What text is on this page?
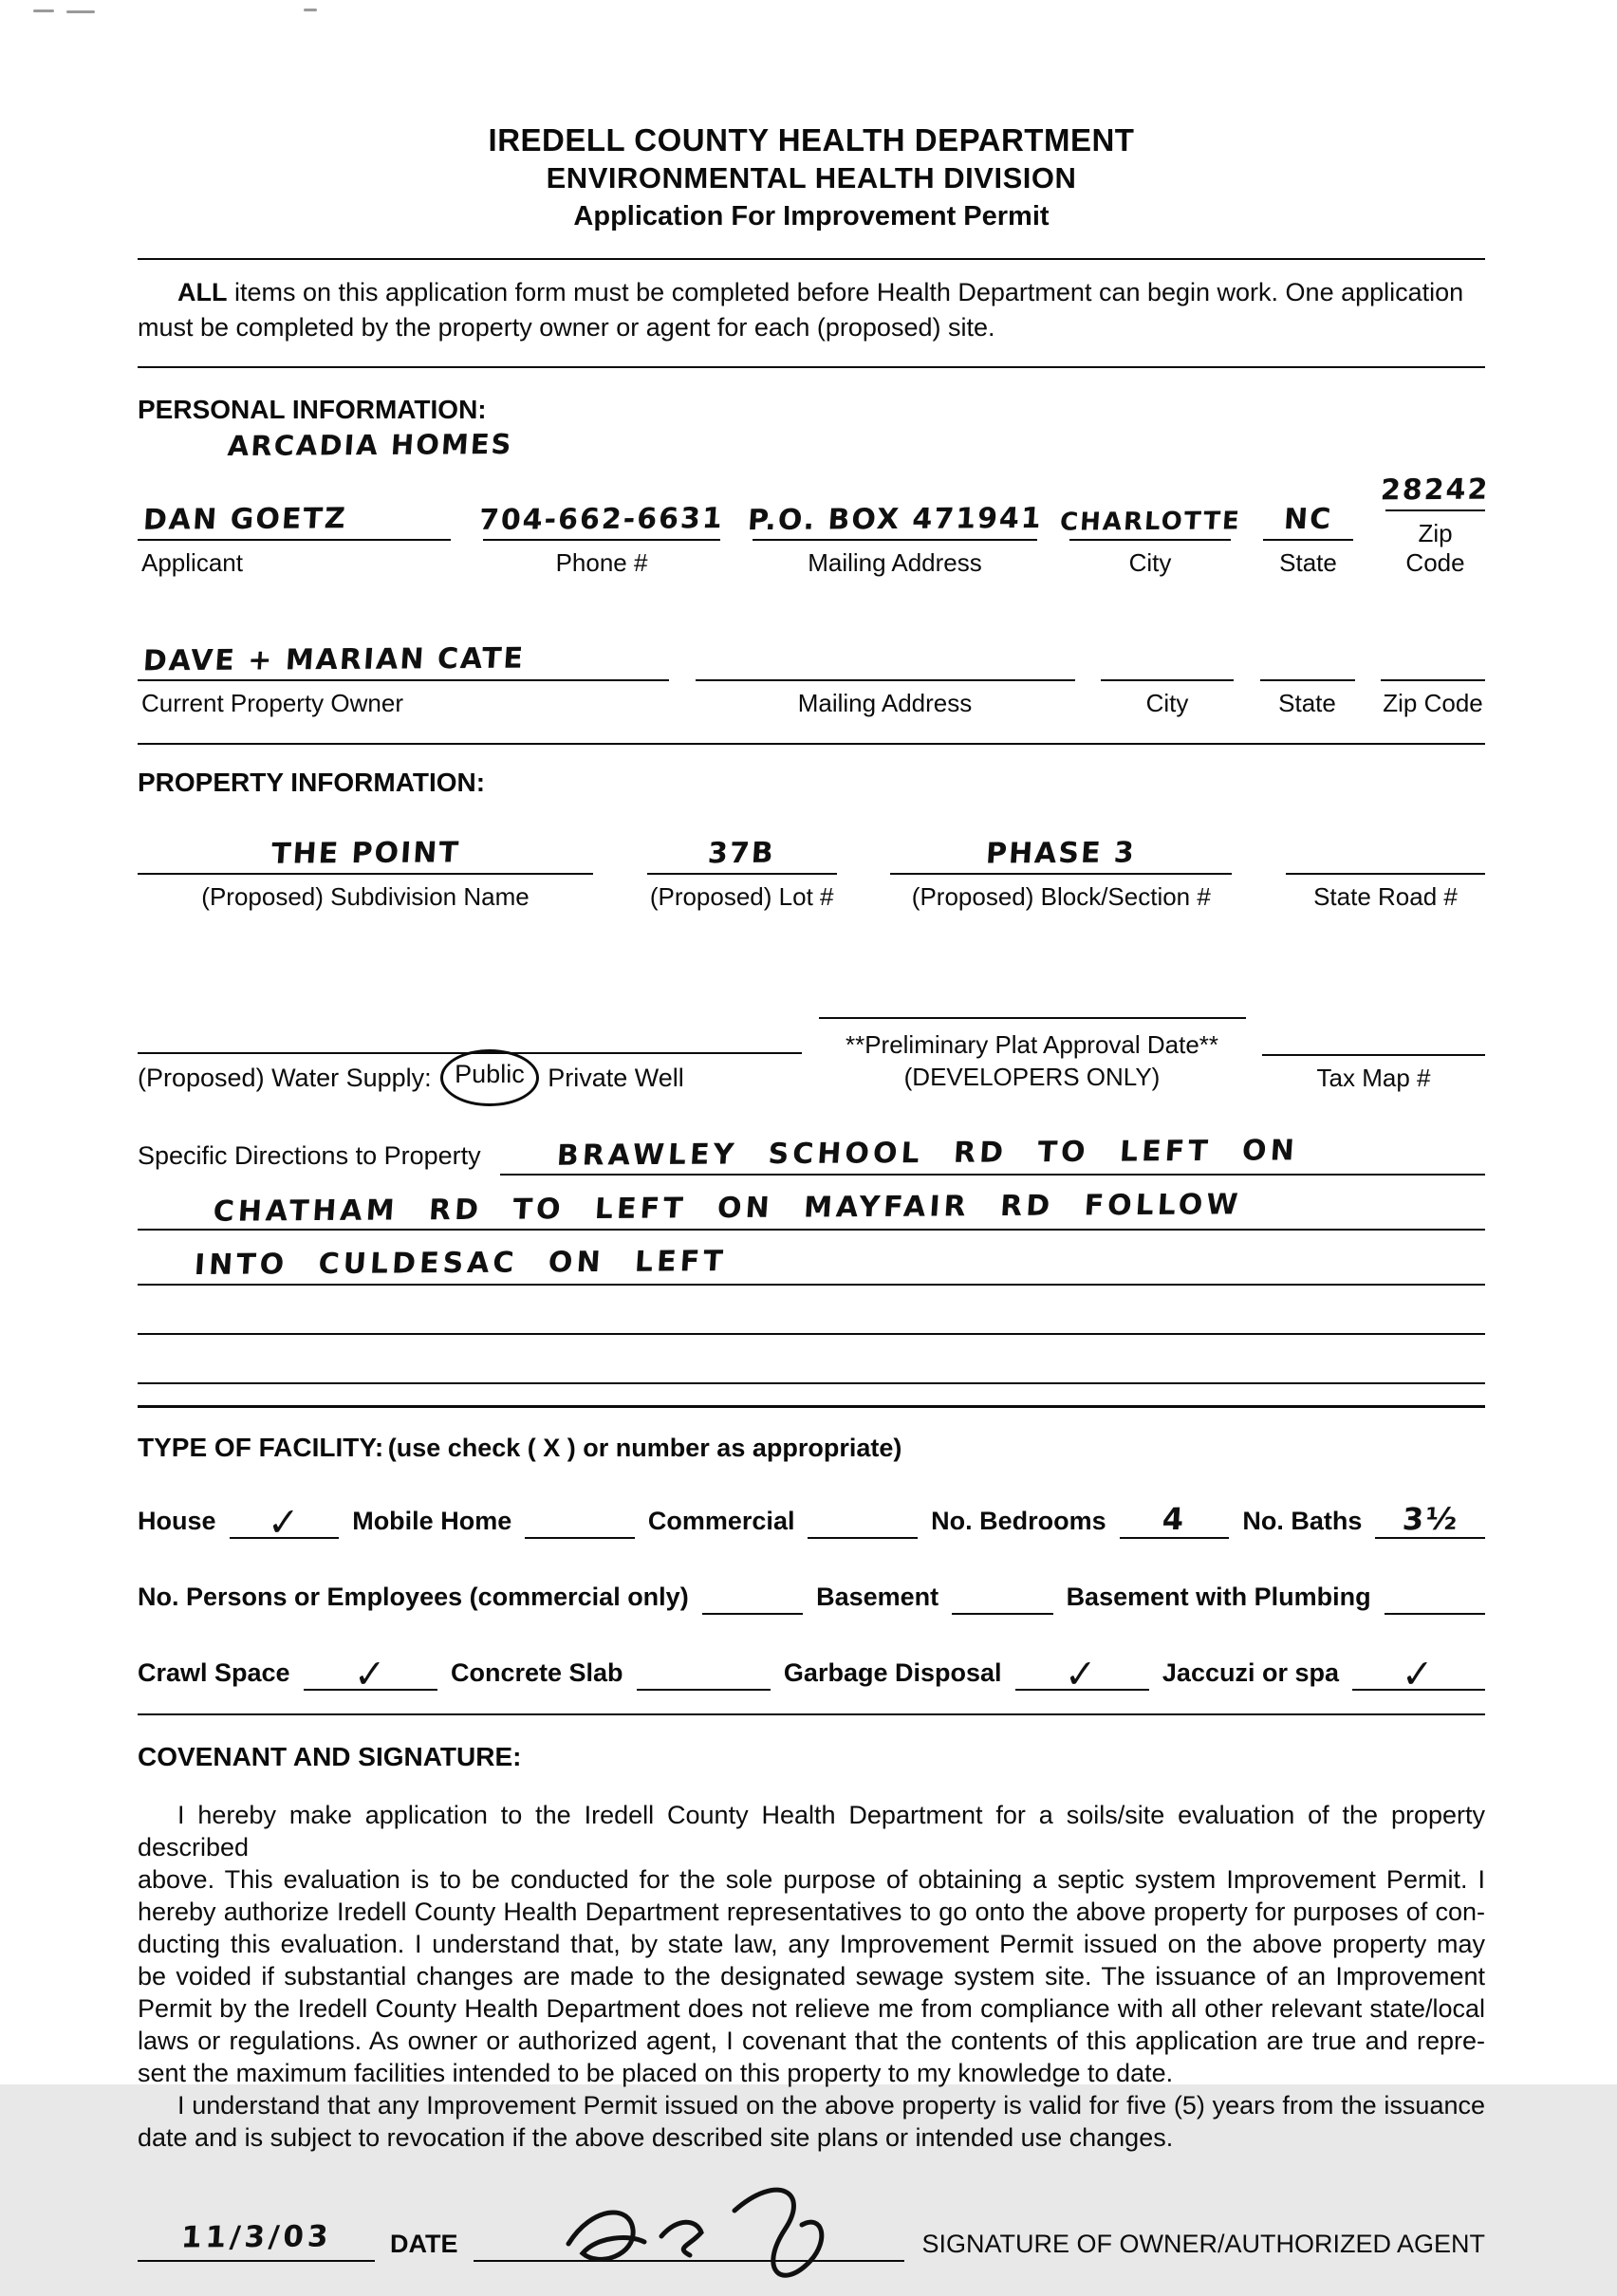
IREDELL COUNTY HEALTH DEPARTMENT
ENVIRONMENTAL HEALTH DIVISION
Application For Improvement Permit
ALL items on this application form must be completed before Health Department can begin work. One application must be completed by the property owner or agent for each (proposed) site.
PERSONAL INFORMATION:
ARCADIA HOMES
DAN GOETZ
Applicant
704-662-6631
Phone #
P.O. BOX 471941
Mailing Address
CHARLOTTE
City
NC
State
28242
Zip Code
DAVE + MARIAN CATE
Current Property Owner	Mailing Address	City	State	Zip Code
PROPERTY INFORMATION:
THE POINT
(Proposed) Subdivision Name
37B
(Proposed) Lot #
PHASE 3
(Proposed) Block/Section #	State Road #
(Proposed) Water Supply: Public Private Well
**Preliminary Plat Approval Date**
(DEVELOPERS ONLY)	Tax Map #
Specific Directions to Property	BRAWLEY SCHOOL RD TO LEFT ON
CHATHAM RD TO LEFT ON MAYFAIR RD FOLLOW
INTO CULDESAC ON LEFT
TYPE OF FACILITY: (use check ( X ) or number as appropriate)
House ✓ Mobile Home	Commercial	No. Bedrooms 4 No. Baths 3½
No. Persons or Employees (commercial only)	Basement	Basement with Plumbing
Crawl Space ✓ Concrete Slab	Garbage Disposal ✓ Jaccuzi or spa ✓
COVENANT AND SIGNATURE:
I hereby make application to the Iredell County Health Department for a soils/site evaluation of the property described
above. This evaluation is to be conducted for the sole purpose of obtaining a septic system Improvement Permit. I
hereby authorize Iredell County Health Department representatives to go onto the above property for purposes of con-
ducting this evaluation. I understand that, by state law, any Improvement Permit issued on the above property may
be voided if substantial changes are made to the designated sewage system site. The issuance of an Improvement
Permit by the Iredell County Health Department does not relieve me from compliance with all other relevant state/local
laws or regulations. As owner or authorized agent, I covenant that the contents of this application are true and repre-
sent the maximum facilities intended to be placed on this property to my knowledge to date.
I understand that any Improvement Permit issued on the above property is valid for five (5) years from the issuance
date and is subject to revocation if the above described site plans or intended use changes.
11/3/03	DATE	SIGNATURE OF OWNER/AUTHORIZED AGENT
